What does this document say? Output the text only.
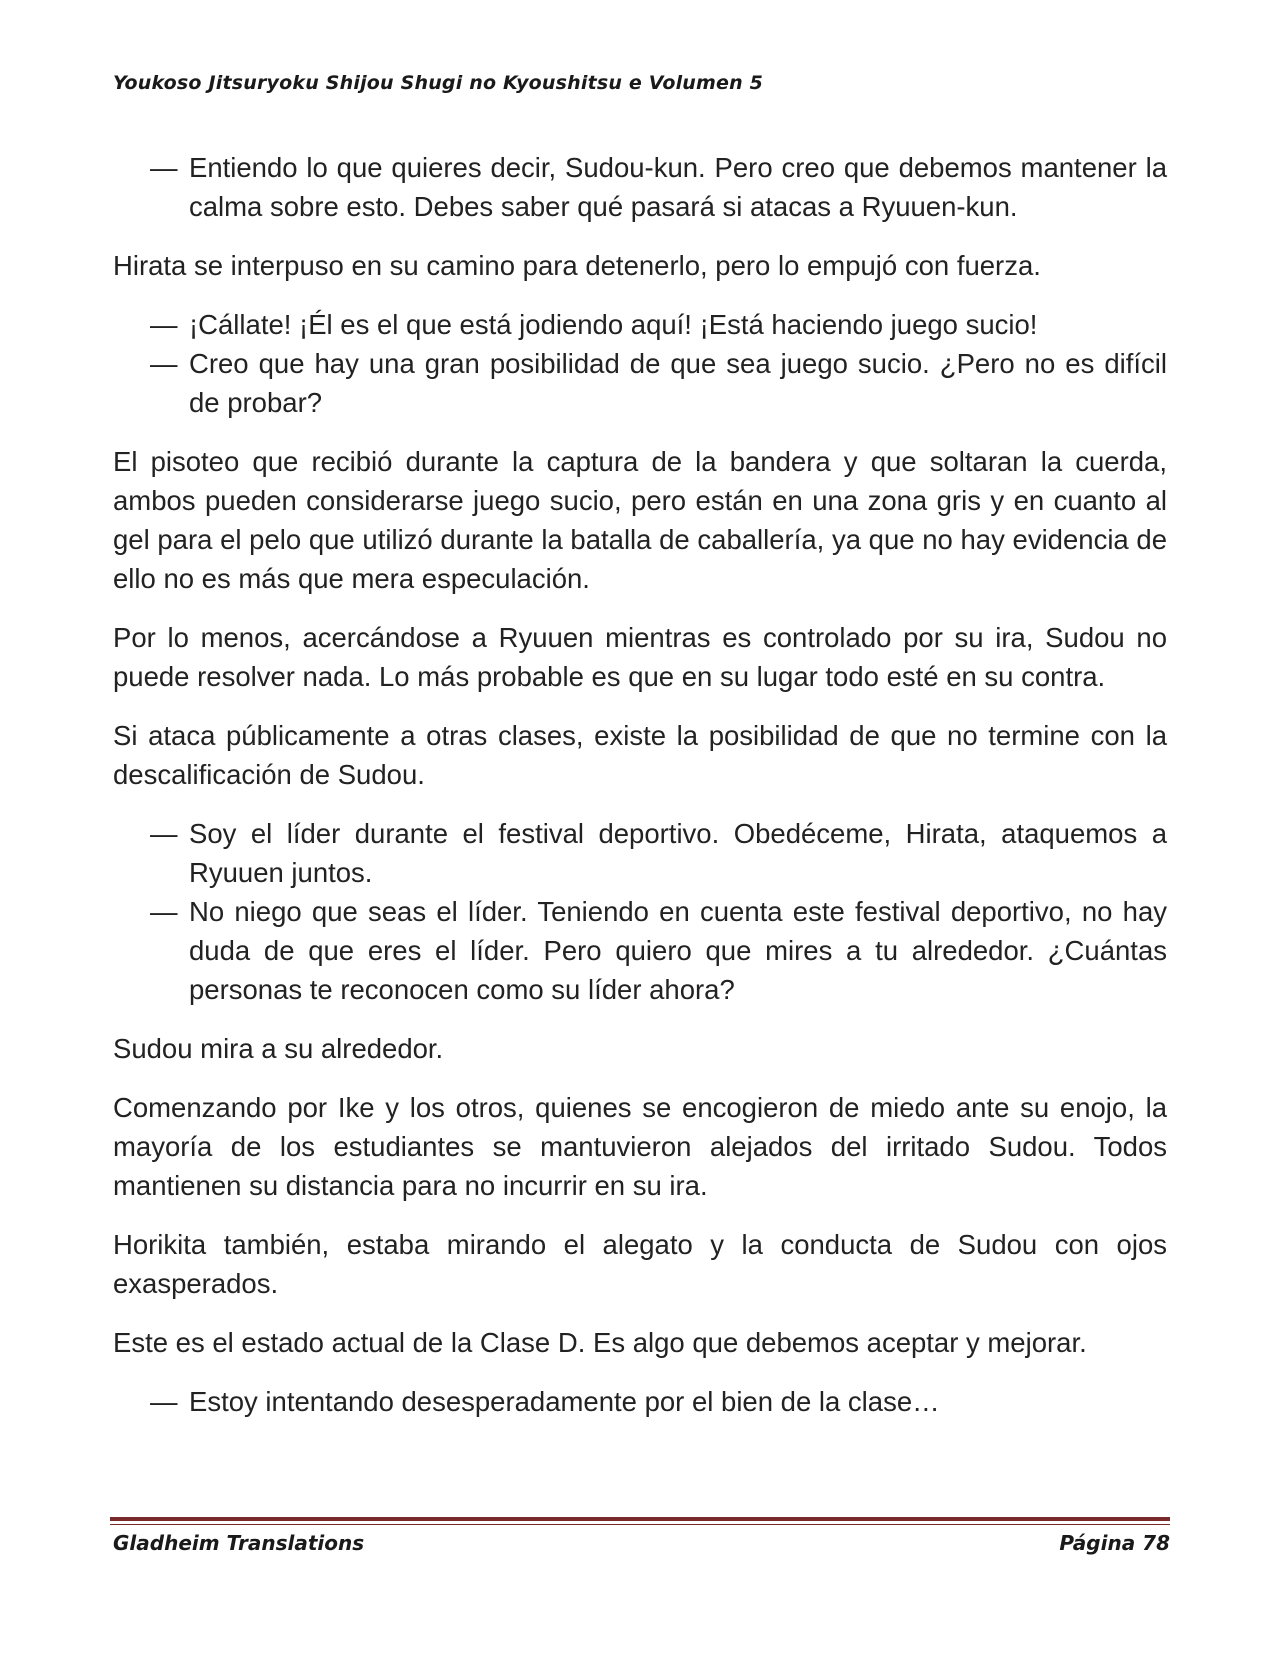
Youkoso Jitsuryoku Shijou Shugi no Kyoushitsu e Volumen 5
— Entiendo lo que quieres decir, Sudou-kun. Pero creo que debemos mantener la calma sobre esto. Debes saber qué pasará si atacas a Ryuuen-kun.

Hirata se interpuso en su camino para detenerlo, pero lo empujó con fuerza.

— ¡Cállate! ¡Él es el que está jodiendo aquí! ¡Está haciendo juego sucio!
— Creo que hay una gran posibilidad de que sea juego sucio. ¿Pero no es difícil de probar?

El pisoteo que recibió durante la captura de la bandera y que soltaran la cuerda, ambos pueden considerarse juego sucio, pero están en una zona gris y en cuanto al gel para el pelo que utilizó durante la batalla de caballería, ya que no hay evidencia de ello no es más que mera especulación.

Por lo menos, acercándose a Ryuuen mientras es controlado por su ira, Sudou no puede resolver nada. Lo más probable es que en su lugar todo esté en su contra.

Si ataca públicamente a otras clases, existe la posibilidad de que no termine con la descalificación de Sudou.

— Soy el líder durante el festival deportivo. Obedéceme, Hirata, ataquemos a Ryuuen juntos.
— No niego que seas el líder. Teniendo en cuenta este festival deportivo, no hay duda de que eres el líder. Pero quiero que mires a tu alrededor. ¿Cuántas personas te reconocen como su líder ahora?

Sudou mira a su alrededor.

Comenzando por Ike y los otros, quienes se encogieron de miedo ante su enojo, la mayoría de los estudiantes se mantuvieron alejados del irritado Sudou. Todos mantienen su distancia para no incurrir en su ira.

Horikita también, estaba mirando el alegato y la conducta de Sudou con ojos exasperados.

Este es el estado actual de la Clase D. Es algo que debemos aceptar y mejorar.

— Estoy intentando desesperadamente por el bien de la clase…
Gladheim Translations	Página 78
